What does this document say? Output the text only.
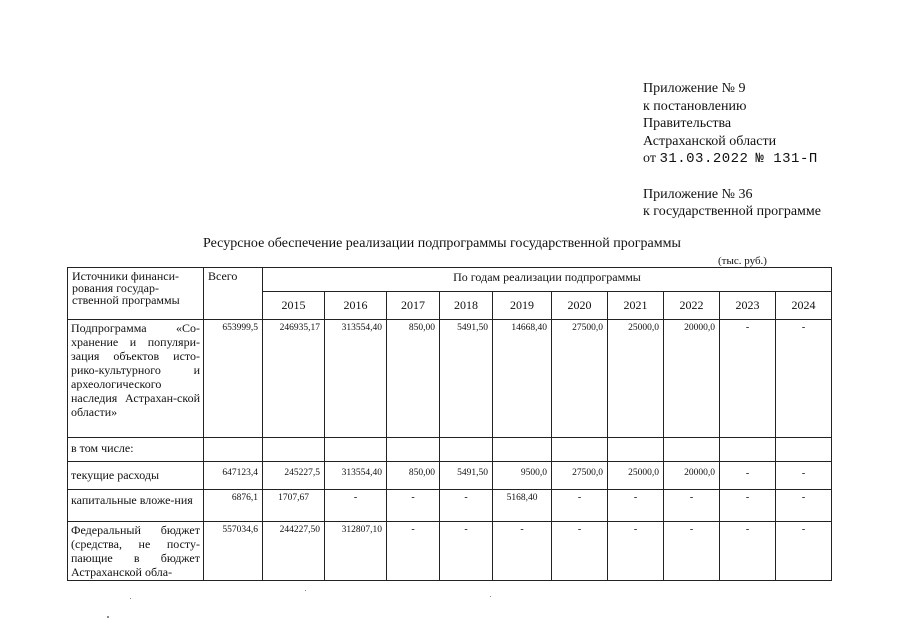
Приложение № 9
к постановлению
Правительства
Астраханской области
от 31.03.2022 № 131-П
Приложение № 36
к государственной программе
Ресурсное обеспечение реализации подпрограммы государственной программы
(тыс. руб.)
Источники финанси-рования государ-ственной программы	Всего	По годам реализации подпрограммы									
		2015	2016	2017	2018	2019	2020	2021	2022	2023	2024
Подпрограмма «Со-хранение и популяри-зация объектов исто-рико-культурного и археологического наследия Астрахан-ской области»	653999,5	246935,17	313554,40	850,00	5491,50	14668,40	27500,0	25000,0	20000,0	-	-
в том числе:											
текущие расходы	647123,4	245227,5	313554,40	850,00	5491,50	9500,0	27500,0	25000,0	20000,0	-	-
капитальные вложе-ния	6876,1	1707,67	-	-	-	5168,40	-	-	-	-	-
Федеральный бюджет (средства, не посту-пающие в бюджет Астраханской обла-	557034,6	244227,50	312807,10	-	-	-	-	-	-	-	-
